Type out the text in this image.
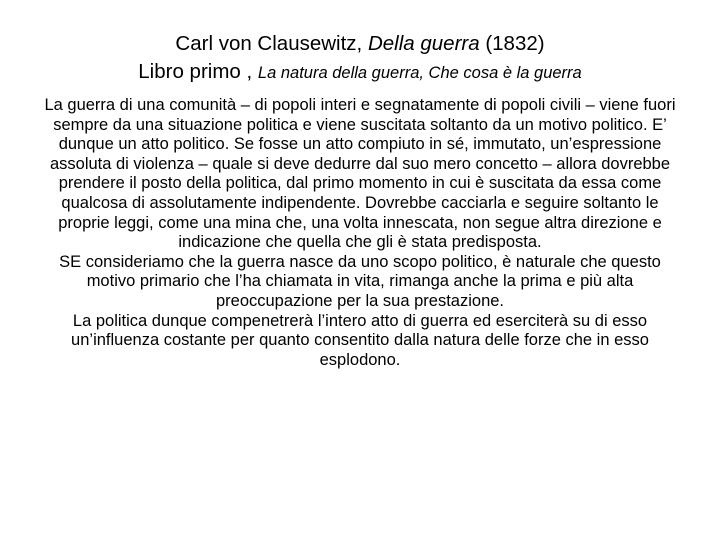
Carl von Clausewitz, Della guerra (1832)
Libro primo , La natura della guerra, Che cosa è la guerra

La guerra di una comunità – di popoli interi e segnatamente di popoli civili – viene fuori sempre da una situazione politica e viene suscitata soltanto da un motivo politico. E’ dunque un atto politico. Se fosse un atto compiuto in sé, immutato, un’espressione assoluta di violenza – quale si deve dedurre dal suo mero concetto – allora dovrebbe prendere il posto della politica, dal primo momento in cui è suscitata da essa come qualcosa di assolutamente indipendente. Dovrebbe cacciarla e seguire soltanto le proprie leggi, come una mina che, una volta innescata, non segue altra direzione e indicazione che quella che gli è stata predisposta.

SE consideriamo che la guerra nasce da uno scopo politico, è naturale che questo motivo primario che l’ha chiamata in vita, rimanga anche la prima e più alta preoccupazione per la sua prestazione.

La politica dunque compenetrerà l’intero atto di guerra ed eserciterà su di esso un’influenza costante per quanto consentito dalla natura delle forze che in esso esplodono.
